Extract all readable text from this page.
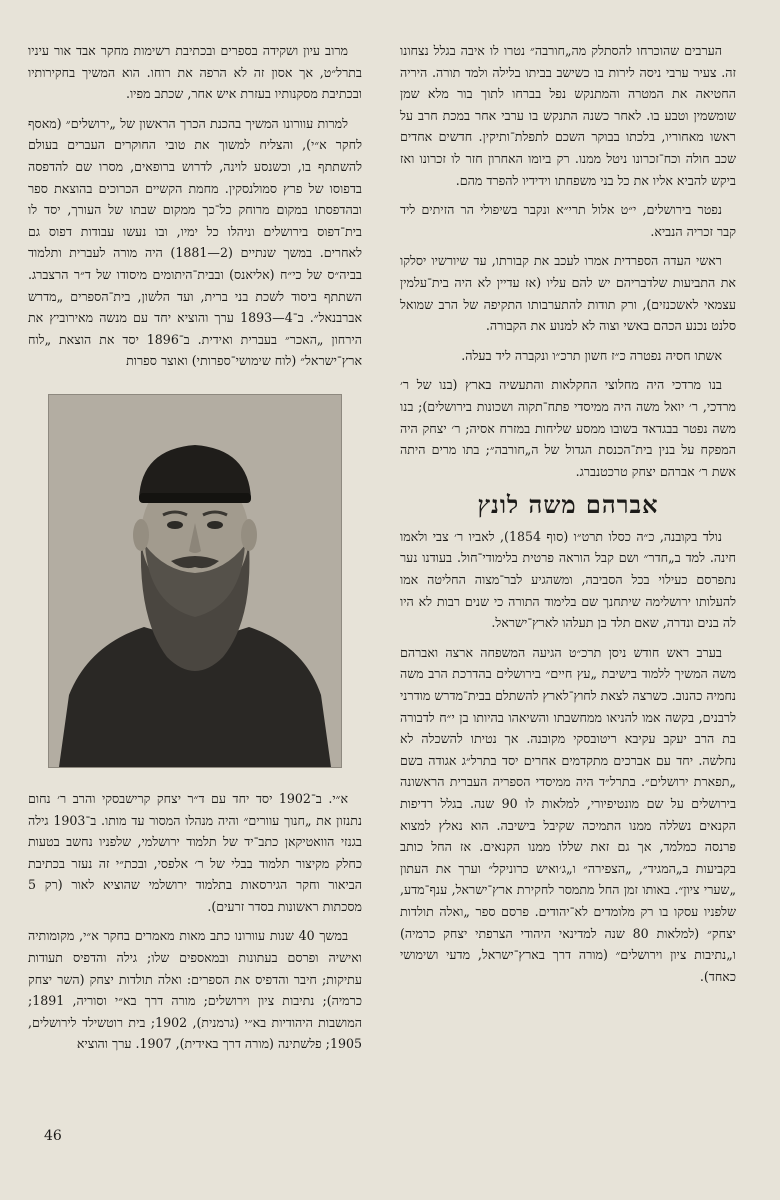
הערבים שהוכרחו להסתלק מה„חורבה״ נטרו לו איבה בגלל נצחונו זה. צעיר ערבי ניסה לירות בו כשישב בביתו בלילה ולמד תורה. היריה החטיאה את המטרה והמתנקש נפל בברחו לתוך בור מלא שמן שומשמין וטבע בו. לאחר כשנה התנקש בו ערבי אחר במכת חרב על ראשו מאחוריו, בלכתו בבוקר השכם לתפלת־ותיקין. חדשים אחדים שכב חולה וכח־זכרונו ניטל ממנו. רק ביומו האחרון חזר לו זכרונו ואז ביקש להביא אליו את כל בני משפחתו וידידיו להפרד מהם.

נפטר בירושלים, י״ט אלול תרי״א ונקבר בשיפולי הר הזיתים ליד קבר זכריה הנביא.

ראשי העדה הספרדית אמרו לעכב את קבורתו, עד שיורשיו יסלקו את התביעות שלדבריהם יש להם עליו (אז עדיין לא היה בית־עלמין עצמאי לאשכנזים), ורק תודות להתערבותו התקיפה של הרב שמואל סלנט נכנע הכהם באשי וצוה לא למנוע את הקבורה.

אשתו חסיה נפטרה כ״ז חשון תרכ״ו ונקברה ליד בעלה.

בנו מרדכי היה מחלוצי החקלאות והתעשיה בארץ (בנו של ר׳ מרדכי, ר׳ יואל משה היה ממיסדי פתח־תקוה ושכונות בירושלים); בנו משה נפטר בבגדאד בשובו ממסע שליחות במזרח אסיה; ר׳ יצחק היה המפקח על בנין בית־הכנסת הגדול של ה„חורבה״; בתו מרים היתה אשת ר׳ אברהם יצחק טרכטנברג.

אברהם משה לונץ

נולד בקובנה, כ״ה כסלו תרט״ו (סוף 1854), לאביו ר׳ צבי ולאמו חינה. למד ב„חדר״ ושם קבל הוראה פרטית בלימודי־חול. בעודנו נער נתפרסם כעילוי בכל הסביבה, ומשהגיע לבר־מצוה החליטה אמו להעלותו ירושלימה שיתחנך שם בלימוד התורה כי שנים רבות לא היו לה בנים ונדרה, שאם תלד בן תעלהו לארץ־ישראל.

בערב ראש חודש ניסן תרכ״ט הגיעה המשפחה ארצה ואברהם משה המשיך ללמוד בישיבת „עץ חיים״ בירושלים בהדרכת הרב משה נחמיה כהנוב. כשרצה לצאת לחוץ־לארץ להשתלם בבית־מדרש מודרני לרבנים, בקשה אמו להניאו ממחשבתו והשיאהו בהיותו בן י״ח לדבורה בת הרב יעקב עקיבא ריטובסקי מקובנה. אך נטיתו להשכלה לא נחלשה. יחד עם אברכים מתקדמים אחרים יסד בתרל״ג אגודה בשם „תפארת ירושלים״. בתרל״ד היה ממיסדי הספריה העברית הראשונה בירושלים על שם מונטיפיורי, למלאות לו 90 שנה. בגלל רדיפות הקנאים נשללה ממנו התמיכה שקיבל בישיבה. הוא נאלץ למצוא פרנסה כמלמד, אך גם זאת שללו ממנו הקנאים. אז החל כותב בקביעות ב„המגיד״, „הצפירה״ ו„ג׳ואיש כרוניקל״ וערך את העתון „שערי ציון״. באותו זמן החל מתמסר לחקירת ארץ־ישראל, ענף־מדע, שלפניו עסקו בו רק מלומדים לא־יהודים. פרסם ספר „ואלה תולדות יצחק״ (למלאות 80 שנה למדינאי היהודי הצרפתי יצחק כרמיה) ו„נתיבות ציון וירושלים״ (מורה דרך בארץ־ישראל, מדעי ושימושי כאחד).

מרוב עיון ושקידה בספרים ובכתיבת רשימות מחקר אבד אור עיניו בתרל״ט, אך אסון זה לא הרפה את רוחו. הוא המשיך בחקירותיו ובכתיבת מסקנותיו בעזרת איש אחר, שכתב מפיו.

למרות עוורונו המשיך בהכנת הכרך הראשון של „ירושלים״ (מאסף לחקר א״י), והצליח למשוך את טובי החוקרים העברים בעולם להשתתף בו, וכשנסע לוינה, לדרוש ברופאים, מסרו שם להדפסה בדפוסו של פרץ סמולנסקין. מחמת הקשיים הכרוכים בהוצאת ספר ובהדפסתו במקום מרוחק כל־כך ממקום שבתו של העורך, יסד לו בית־דפוס בירושלים וניהלו כל ימיו, ובו נעשו עבודות דפוס גם לאחרים. במשך שנתיים (2—1881) היה מורה לעברית ותלמוד בביה״ס של כי״ח (אליאנס) ובבית־היתומים מיסודו של ד״ר הרצברג. השתתף ביסוד לשכת בני ברית, ועד הלשון, בית־הספרים „מדרש אברבנאל״. ב־4—1893 ערך והוציא יחד עם מנשה מאירוביץ את הירחון „האכר״ בעברית ואידית. ב־1896 יסד את הוצאת „לוח ארץ־ישראל״ (לוח שימושי־ספרותי) ואוצר ספרות

א״י. ב־1902 יסד יחד עם ד״ר יצחק קרישבסקי והרב ר׳ נחום נתנזון את „חנוך עוורים״ והיה מנהלו המסור עד מותו. ב־1903 גילה בגנזי הוואטיקאן כתב־יד של תלמוד ירושלמי, שלפניו נחשב בטעות כחלק מקיצור תלמוד בבלי של ר׳ אלפסי, ובכת״י זה נעזר בכתיבת הביאור וחקר הגירסאות בתלמוד ירושלמי שהוציא לאור (רק 5 מסכתות ראשונות בסדר זרעים).

במשך 40 שנות עוורונו כתב מאות מאמרים בחקר א״י, מקומותיה ואישיה ופרסם בעתונות ובמאספים שלו; גילה והדפיס תעודות עתיקות; חיבר והדפיס את הספרים: ואלה תולדות יצחק (השר יצחק כרמיה); נתיבות ציון וירושלים; מורה דרך בא״י וסוריה, 1891; המושבות היהודיות בא״י (גרמנית), 1902; בית רוטשילד לירושלים, 1905; פלשתינה (מורה דרך באידית), 1907. ערך והוציא

46
